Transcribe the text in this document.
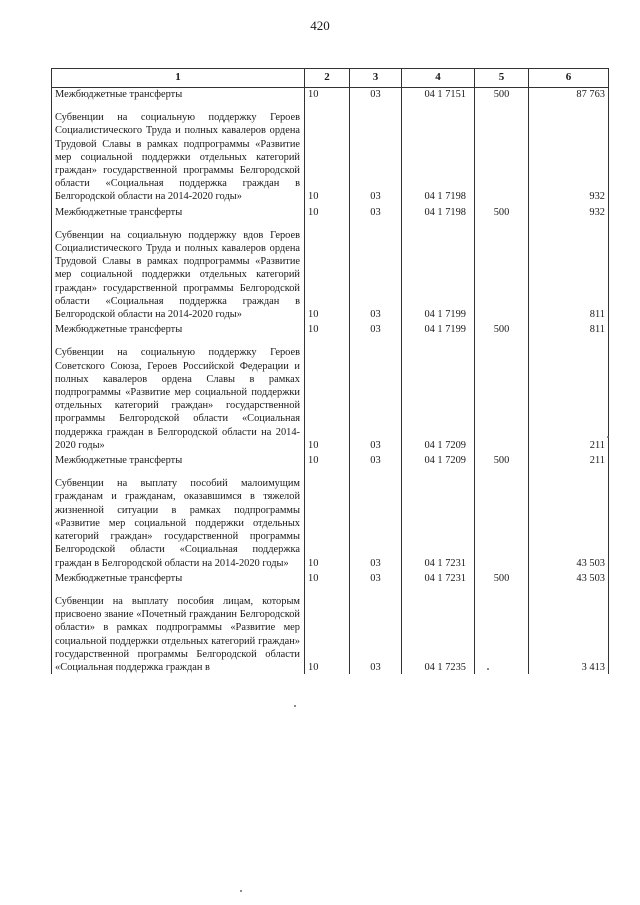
420
1	2	3	4	5	6
Межбюджетные трансферты	10	03	04 1 7151	500	87 763
Субвенции на социальную поддержку Героев Социалистического Труда и полных кавалеров ордена Трудовой Славы в рамках подпрограммы «Развитие мер социальной поддержки отдельных категорий граждан» государственной программы Белгородской области «Социальная поддержка граждан в Белгородской области на 2014-2020 годы»	10	03	04 1 7198		932
Межбюджетные трансферты	10	03	04 1 7198	500	932
Субвенции на социальную поддержку вдов Героев Социалистического Труда и полных кавалеров ордена Трудовой Славы в рамках подпрограммы «Развитие мер социальной поддержки отдельных категорий граждан» государственной программы Белгородской области «Социальная поддержка граждан в Белгородской области на 2014-2020 годы»	10	03	04 1 7199		811
Межбюджетные трансферты	10	03	04 1 7199	500	811
Субвенции на социальную поддержку Героев Советского Союза, Героев Российской Федерации и полных кавалеров ордена Славы в рамках подпрограммы «Развитие мер социальной поддержки отдельных категорий граждан» государственной программы Белгородской области «Социальная поддержка граждан в Белгородской области на 2014-2020 годы»	10	03	04 1 7209		211
Межбюджетные трансферты	10	03	04 1 7209	500	211
Субвенции на выплату пособий малоимущим гражданам и гражданам, оказавшимся в тяжелой жизненной ситуации в рамках подпрограммы «Развитие мер социальной поддержки отдельных категорий граждан» государственной программы Белгородской области «Социальная поддержка граждан в Белгородской области на 2014-2020 годы»	10	03	04 1 7231		43 503
Межбюджетные трансферты	10	03	04 1 7231	500	43 503
Субвенции на выплату пособия лицам, которым присвоено звание «Почетный гражданин Белгородской области» в рамках подпрограммы «Развитие мер социальной поддержки отдельных категорий граждан» государственной программы Белгородской области «Социальная поддержка граждан в	10	03	04 1 7235		3 413
